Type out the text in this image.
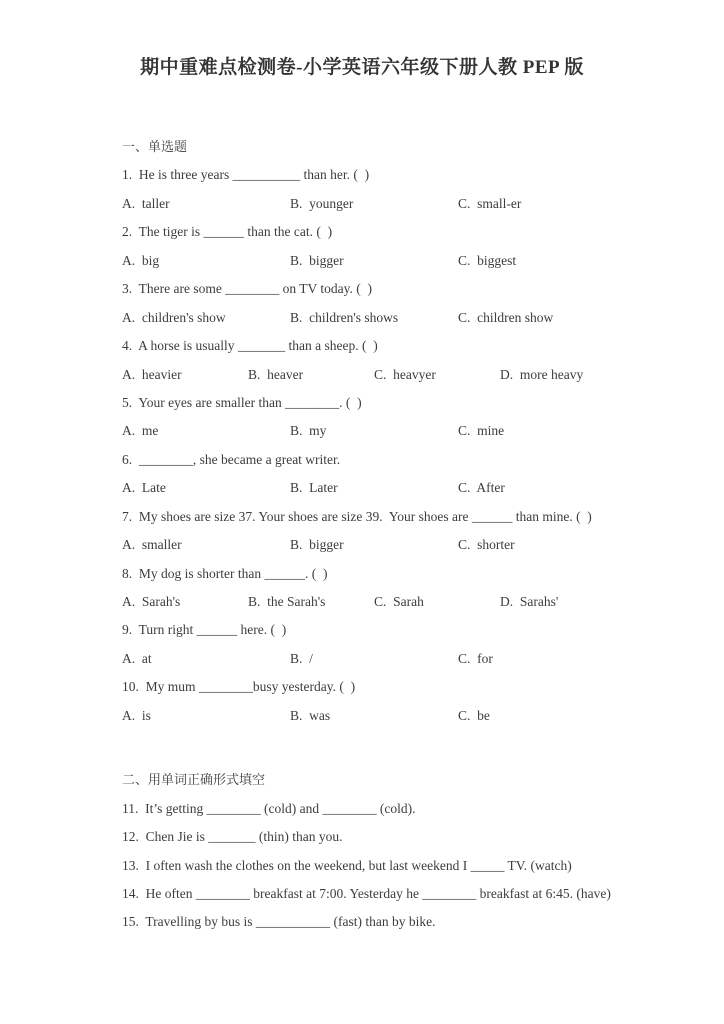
期中重难点检测卷-小学英语六年级下册人教 PEP 版
一、单选题
1.  He is three years __________ than her. (  )
A.  taller	B.  younger	C.  small-er
2.  The tiger is ______ than the cat. (  )
A.  big	B.  bigger	C.  biggest
3.  There are some ________ on TV today. (  )
A.  children's show	B.  children's shows	C.  children show
4.  A horse is usually _______ than a sheep. (  )
A.  heavier	B.  heaver	C.  heavyer	D.  more heavy
5.  Your eyes are smaller than ________. (  )
A.  me	B.  my	C.  mine
6.  ________, she became a great writer.
A.  Late	B.  Later	C.  After
7.  My shoes are size 37. Your shoes are size 39.  Your shoes are ______ than mine. (  )
A.  smaller	B.  bigger	C.  shorter
8.  My dog is shorter than ______. (  )
A.  Sarah's	B.  the Sarah's	C.  Sarah	D.  Sarahs'
9.  Turn right ______ here. (  )
A.  at	B.  /	C.  for
10.  My mum ________busy yesterday. (  )
A.  is	B.  was	C.  be
二、用单词正确形式填空
11.  It’s getting ________ (cold) and ________ (cold).
12.  Chen Jie is _______ (thin) than you.
13.  I often wash the clothes on the weekend, but last weekend I _____ TV. (watch)
14.  He often ________ breakfast at 7:00. Yesterday he ________ breakfast at 6:45. (have)
15.  Travelling by bus is ___________ (fast) than by bike.
